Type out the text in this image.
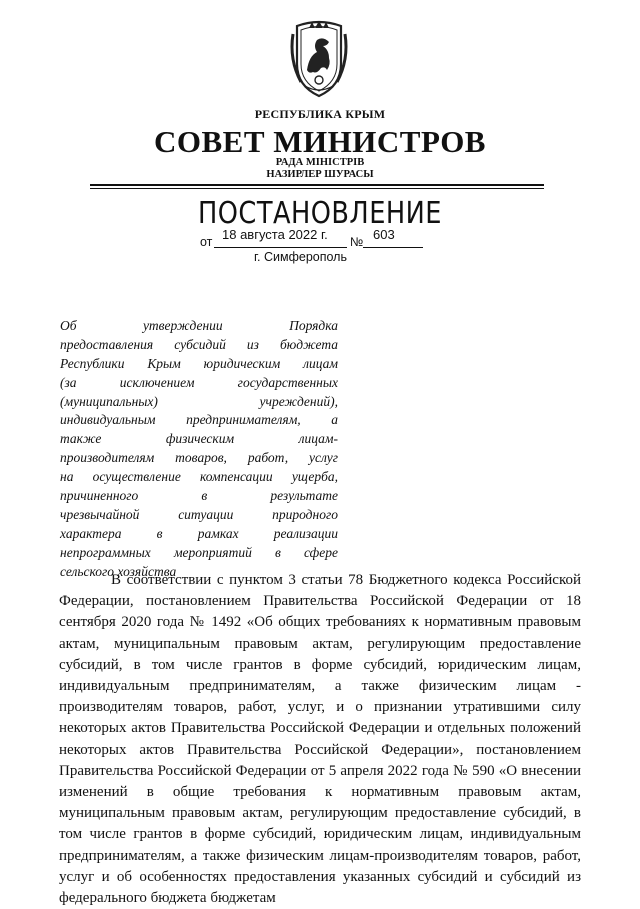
РЕСПУБЛИКА КРЫМ
СОВЕТ МИНИСТРОВ
РАДА МІНІСТРІВ
НАЗИРЛЕР ШУРАСЫ
ПОСТАНОВЛЕНИЕ
от 18 августа 2022 г. № 603
г. Симферополь
Об	утверждении	Порядка
предоставления субсидий из бюджета
Республики Крым юридическим лицам
(за	исключением	государственных
(муниципальных)	учреждений),
индивидуальным предпринимателям, а
также	физическим	лицам-
производителям товаров, работ, услуг
на осуществление компенсации ущерба,
причиненного	в	результате
чрезвычайной	ситуации	природного
характера	в	рамках	реализации
непрограммных мероприятий в сфере
сельского хозяйства

В соответствии с пунктом 3 статьи 78 Бюджетного кодекса Российской Федерации, постановлением Правительства Российской Федерации от 18 сентября 2020 года № 1492 «Об общих требованиях к нормативным правовым актам, муниципальным правовым актам, регулирующим предоставление субсидий, в том числе грантов в форме субсидий, юридическим лицам, индивидуальным предпринимателям, а также физическим лицам - производителям товаров, работ, услуг, и о признании утратившими силу некоторых актов Правительства Российской Федерации и отдельных положений некоторых актов Правительства Российской Федерации», постановлением Правительства Российской Федерации от 5 апреля 2022 года № 590 «О внесении изменений в общие требования к нормативным правовым актам, муниципальным правовым актам, регулирующим предоставление субсидий, в том числе грантов в форме субсидий, юридическим лицам, индивидуальным предпринимателям, а также физическим лицам-производителям товаров, работ, услуг и об особенностях предоставления указанных субсидий и субсидий из федерального бюджета бюджетам
